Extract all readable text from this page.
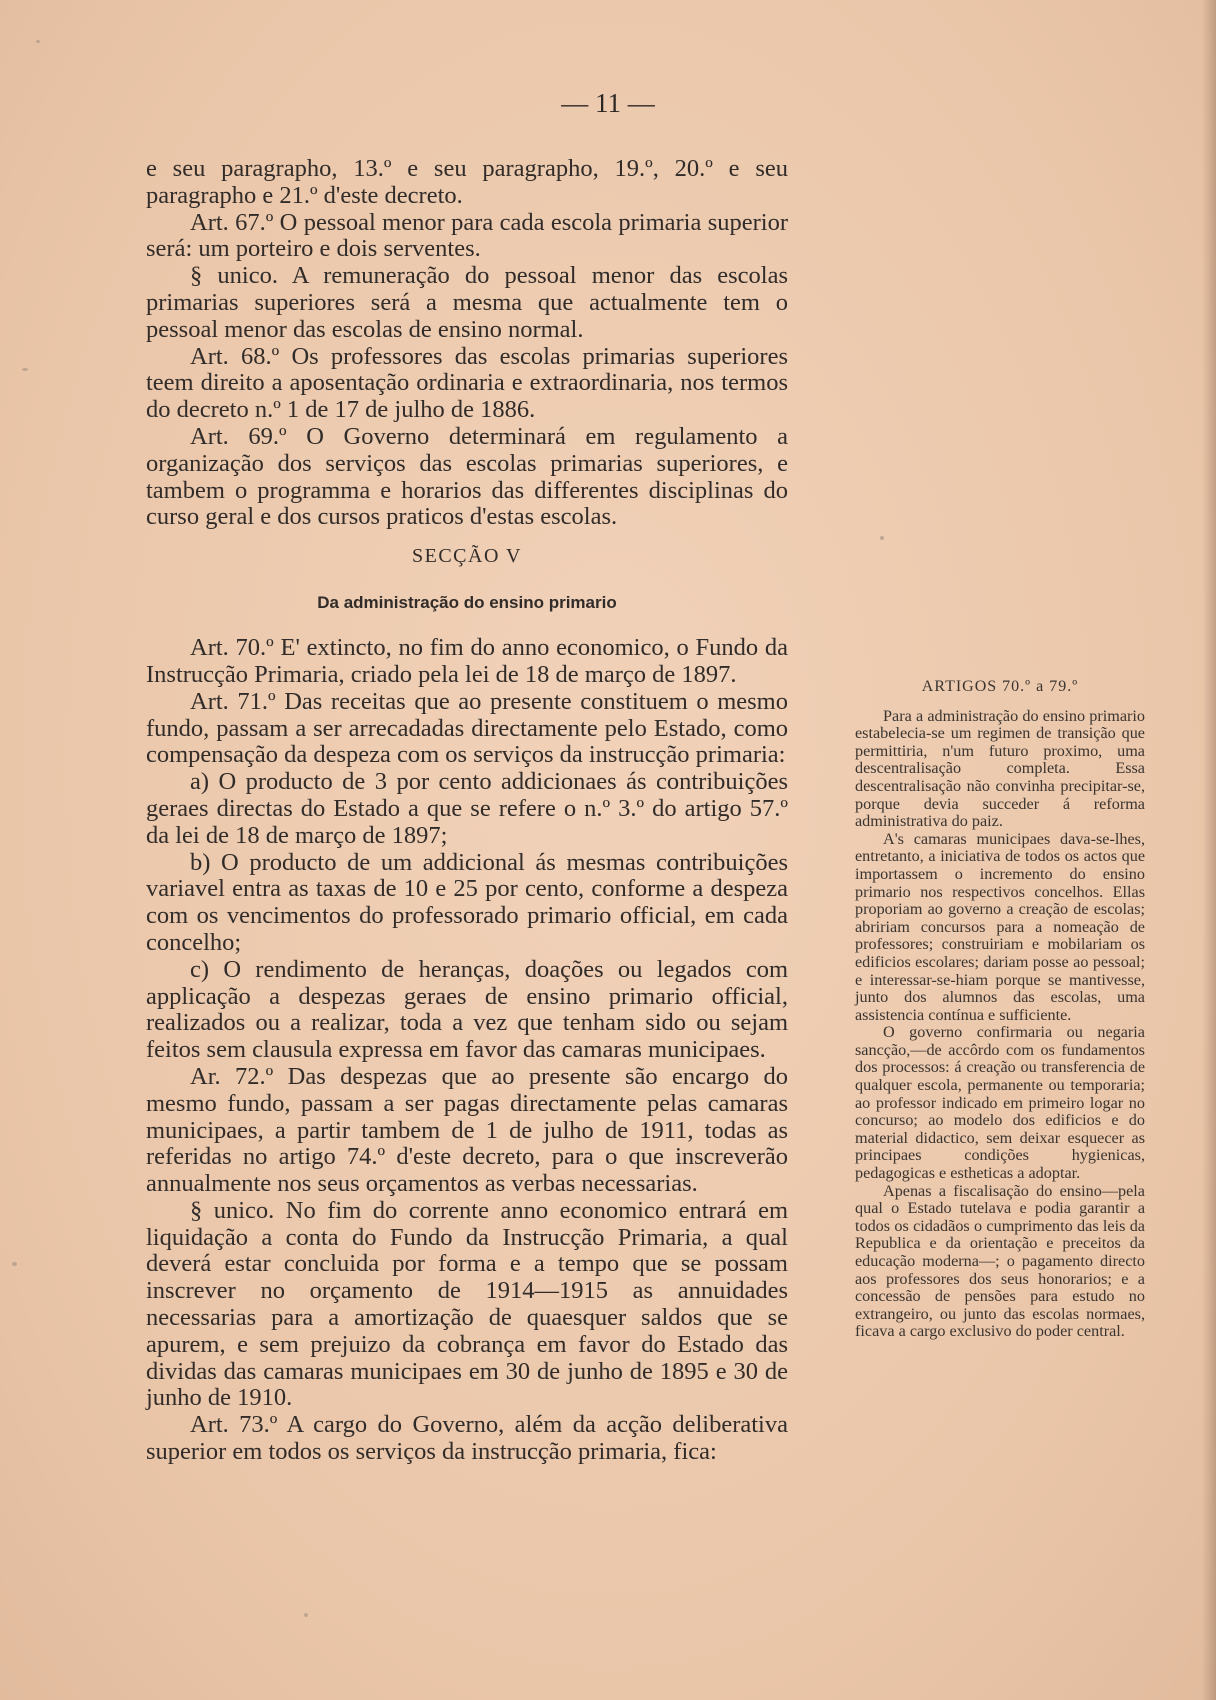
— 11 —

e seu paragrapho, 13.º e seu paragrapho, 19.º, 20.º e seu paragrapho e 21.º d'este decreto.

Art. 67.º O pessoal menor para cada escola primaria superior será: um porteiro e dois serventes.

§ unico. A remuneração do pessoal menor das escolas primarias superiores será a mesma que actualmente tem o pessoal menor das escolas de ensino normal.

Art. 68.º Os professores das escolas primarias superiores teem direito a aposentação ordinaria e extraordinaria, nos termos do decreto n.º 1 de 17 de julho de 1886.

Art. 69.º O Governo determinará em regulamento a organização dos serviços das escolas primarias superiores, e tambem o programma e horarios das differentes disciplinas do curso geral e dos cursos praticos d'estas escolas.

SECÇÃO V
Da administração do ensino primario

Art. 70.º E' extincto, no fim do anno economico, o Fundo da Instrucção Primaria, criado pela lei de 18 de março de 1897.

Art. 71.º Das receitas que ao presente constituem o mesmo fundo, passam a ser arrecadadas directamente pelo Estado, como compensação da despeza com os serviços da instrucção primaria:

a) O producto de 3 por cento addicionaes ás contribuições geraes directas do Estado a que se refere o n.º 3.º do artigo 57.º da lei de 18 de março de 1897;

b) O producto de um addicional ás mesmas contribuições variavel entra as taxas de 10 e 25 por cento, conforme a despeza com os vencimentos do professorado primario official, em cada concelho;

c) O rendimento de heranças, doações ou legados com applicação a despezas geraes de ensino primario official, realizados ou a realizar, toda a vez que tenham sido ou sejam feitos sem clausula expressa em favor das camaras municipaes.

Ar. 72.º Das despezas que ao presente são encargo do mesmo fundo, passam a ser pagas directamente pelas camaras municipaes, a partir tambem de 1 de julho de 1911, todas as referidas no artigo 74.º d'este decreto, para o que inscreverão annualmente nos seus orçamentos as verbas necessarias.

§ unico. No fim do corrente anno economico entrará em liquidação a conta do Fundo da Instrucção Primaria, a qual deverá estar concluida por forma e a tempo que se possam inscrever no orçamento de 1914—1915 as annuidades necessarias para a amortização de quaesquer saldos que se apurem, e sem prejuizo da cobrança em favor do Estado das dividas das camaras municipaes em 30 de junho de 1895 e 30 de junho de 1910.

Art. 73.º A cargo do Governo, além da acção deliberativa superior em todos os serviços da instrucção primaria, fica:

ARTIGOS 70.º a 79.º

Para a administração do ensino primario estabelecia-se um regimen de transição que permittiria, n'um futuro proximo, uma descentralisação completa. Essa descentralisação não convinha precipitar-se, porque devia succeder á reforma administrativa do paiz.

A's camaras municipaes davа-se-lhes, entretanto, a iniciativa de todos os actos que importassem o incremento do ensino primario nos respectivos concelhos. Ellas proporiam ao governo a creação de escolas; abririam concursos para a nomeação de professores; construiriam e mobilariam os edificios escolares; dariam posse ao pessoal; e interessar-se-hiam porque se mantivesse, junto dos alumnos das escolas, uma assistencia contínua e sufficiente.

O governo confirmaria ou negaria sancção,—de accôrdo com os fundamentos dos processos: á creação ou transferencia de qualquer escola, permanente ou temporaria; ao professor indicado em primeiro logar no concurso; ao modelo dos edificios e do material didactico, sem deixar esquecer as principaes condições hygienicas, pedagogicas e estheticas a adoptar.

Apenas a fiscalisação do ensino—pela qual o Estado tutelava e podia garantir a todos os cidadãos o cumprimento das leis da Republica e da orientação e preceitos da educação moderna—; o pagamento directo aos professores dos seus honorarios; e a concessão de pensões para estudo no extrangeiro, ou junto das escolas normaes, ficava a cargo exclusivo do poder central.
